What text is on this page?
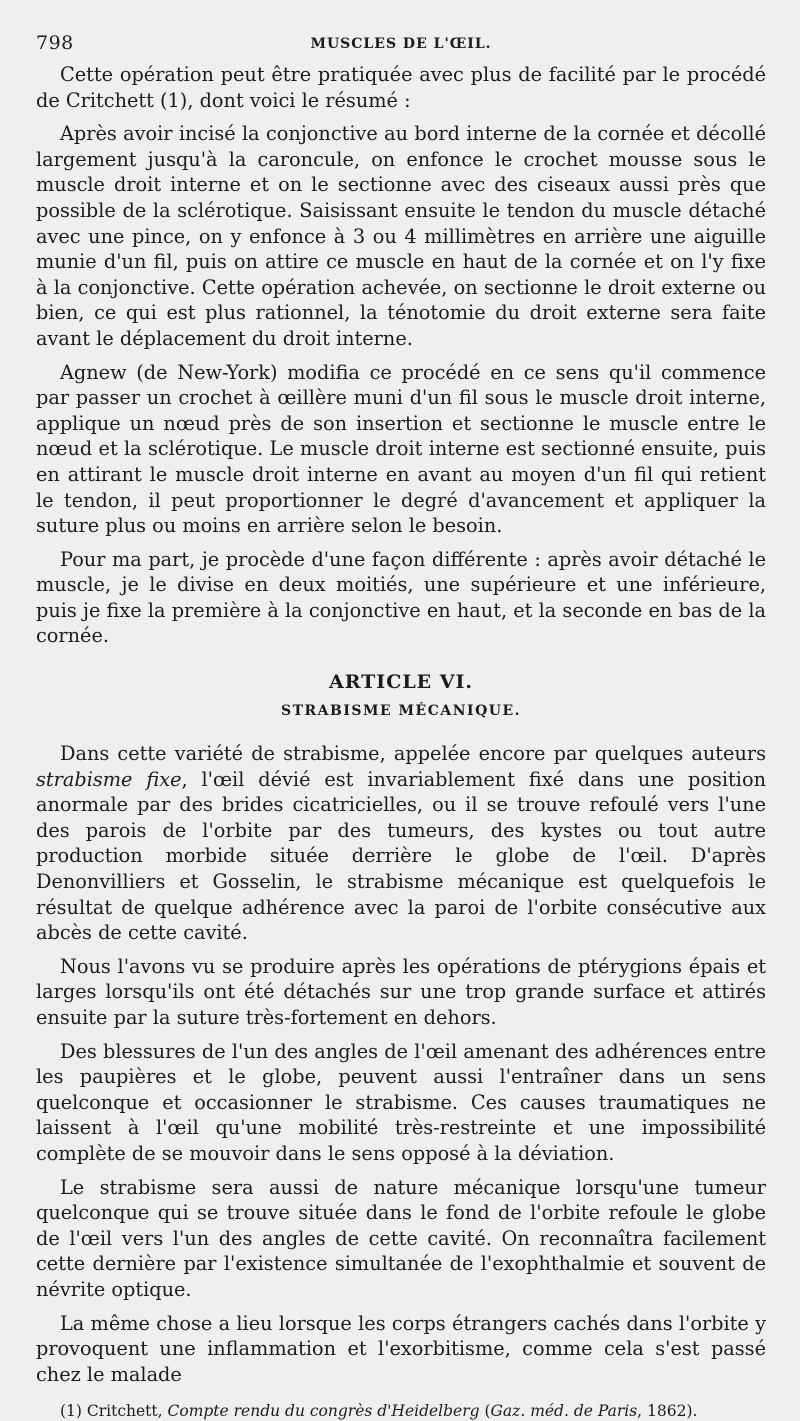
798	MUSCLES DE L'ŒIL.

Cette opération peut être pratiquée avec plus de facilité par le procédé de Critchett (1), dont voici le résumé :

Après avoir incisé la conjonctive au bord interne de la cornée et décollé largement jusqu'à la caroncule, on enfonce le crochet mousse sous le muscle droit interne et on le sectionne avec des ciseaux aussi près que possible de la sclérotique. Saisissant ensuite le tendon du muscle détaché avec une pince, on y enfonce à 3 ou 4 millimètres en arrière une aiguille munie d'un fil, puis on attire ce muscle en haut de la cornée et on l'y fixe à la conjonctive. Cette opération achevée, on sectionne le droit externe ou bien, ce qui est plus rationnel, la ténotomie du droit externe sera faite avant le déplacement du droit interne.

Agnew (de New-York) modifia ce procédé en ce sens qu'il commence par passer un crochet à œillère muni d'un fil sous le muscle droit interne, applique un nœud près de son insertion et sectionne le muscle entre le nœud et la sclérotique. Le muscle droit interne est sectionné ensuite, puis en attirant le muscle droit interne en avant au moyen d'un fil qui retient le tendon, il peut proportionner le degré d'avancement et appliquer la suture plus ou moins en arrière selon le besoin.

Pour ma part, je procède d'une façon différente : après avoir détaché le muscle, je le divise en deux moitiés, une supérieure et une inférieure, puis je fixe la première à la conjonctive en haut, et la seconde en bas de la cornée.

ARTICLE VI.
STRABISME MÉCANIQUE.

Dans cette variété de strabisme, appelée encore par quelques auteurs strabisme fixe, l'œil dévié est invariablement fixé dans une position anormale par des brides cicatricielles, ou il se trouve refoulé vers l'une des parois de l'orbite par des tumeurs, des kystes ou tout autre production morbide située derrière le globe de l'œil. D'après Denonvilliers et Gosselin, le strabisme mécanique est quelquefois le résultat de quelque adhérence avec la paroi de l'orbite consécutive aux abcès de cette cavité.

Nous l'avons vu se produire après les opérations de ptérygions épais et larges lorsqu'ils ont été détachés sur une trop grande surface et attirés ensuite par la suture très-fortement en dehors.

Des blessures de l'un des angles de l'œil amenant des adhérences entre les paupières et le globe, peuvent aussi l'entraîner dans un sens quelconque et occasionner le strabisme. Ces causes traumatiques ne laissent à l'œil qu'une mobilité très-restreinte et une impossibilité complète de se mouvoir dans le sens opposé à la déviation.

Le strabisme sera aussi de nature mécanique lorsqu'une tumeur quelconque qui se trouve située dans le fond de l'orbite refoule le globe de l'œil vers l'un des angles de cette cavité. On reconnaîtra facilement cette dernière par l'existence simultanée de l'exophthalmie et souvent de névrite optique.

La même chose a lieu lorsque les corps étrangers cachés dans l'orbite y provoquent une inflammation et l'exorbitisme, comme cela s'est passé chez le malade

(1) Critchett, Compte rendu du congrès d'Heidelberg (Gaz. méd. de Paris, 1862).
